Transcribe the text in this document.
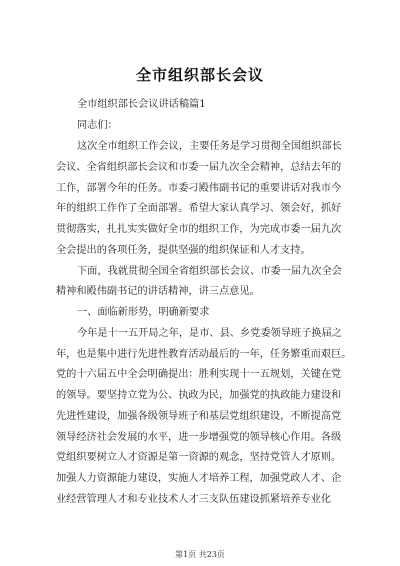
全市组织部长会议
全市组织部长会议讲话稿篇1
同志们：
这次全市组织工作会议，主要任务是学习贯彻全国组织部长
会议、全省组织部长会议和市委一届九次全会精神，总结去年的
工作，部署今年的任务。市委刁殿伟副书记的重要讲话对我市今
年的组织工作作了全面部署。希望大家认真学习、领会好，抓好
贯彻落实，扎扎实实做好全市的组织工作，为完成市委一届九次
全会提出的各项任务，提供坚强的组织保证和人才支持。
下面，我就贯彻全国全省组织部长会议、市委一届九次全会
精神和殿伟副书记的讲话精神，讲三点意见。
一、面临新形势，明确新要求
今年是十一五开局之年，是市、县、乡党委领导班子换届之
年，也是集中进行先进性教育活动最后的一年，任务繁重而艰巨。
党的十六届五中全会明确提出：胜利实现十一五规划，关键在党
的领导。要坚持立党为公、执政为民，加强党的执政能力建设和
先进性建设，加强各级领导班子和基层党组织建设，不断提高党
领导经济社会发展的水平，进一步增强党的领导核心作用。各级
党组织要树立人才资源是第一资源的观念，坚持党管人才原则。
加强人力资源能力建设，实施人才培养工程，加强党政人才、企
业经营管理人才和专业技术人才三支队伍建设抓紧培养专业化
第1页 共23页
